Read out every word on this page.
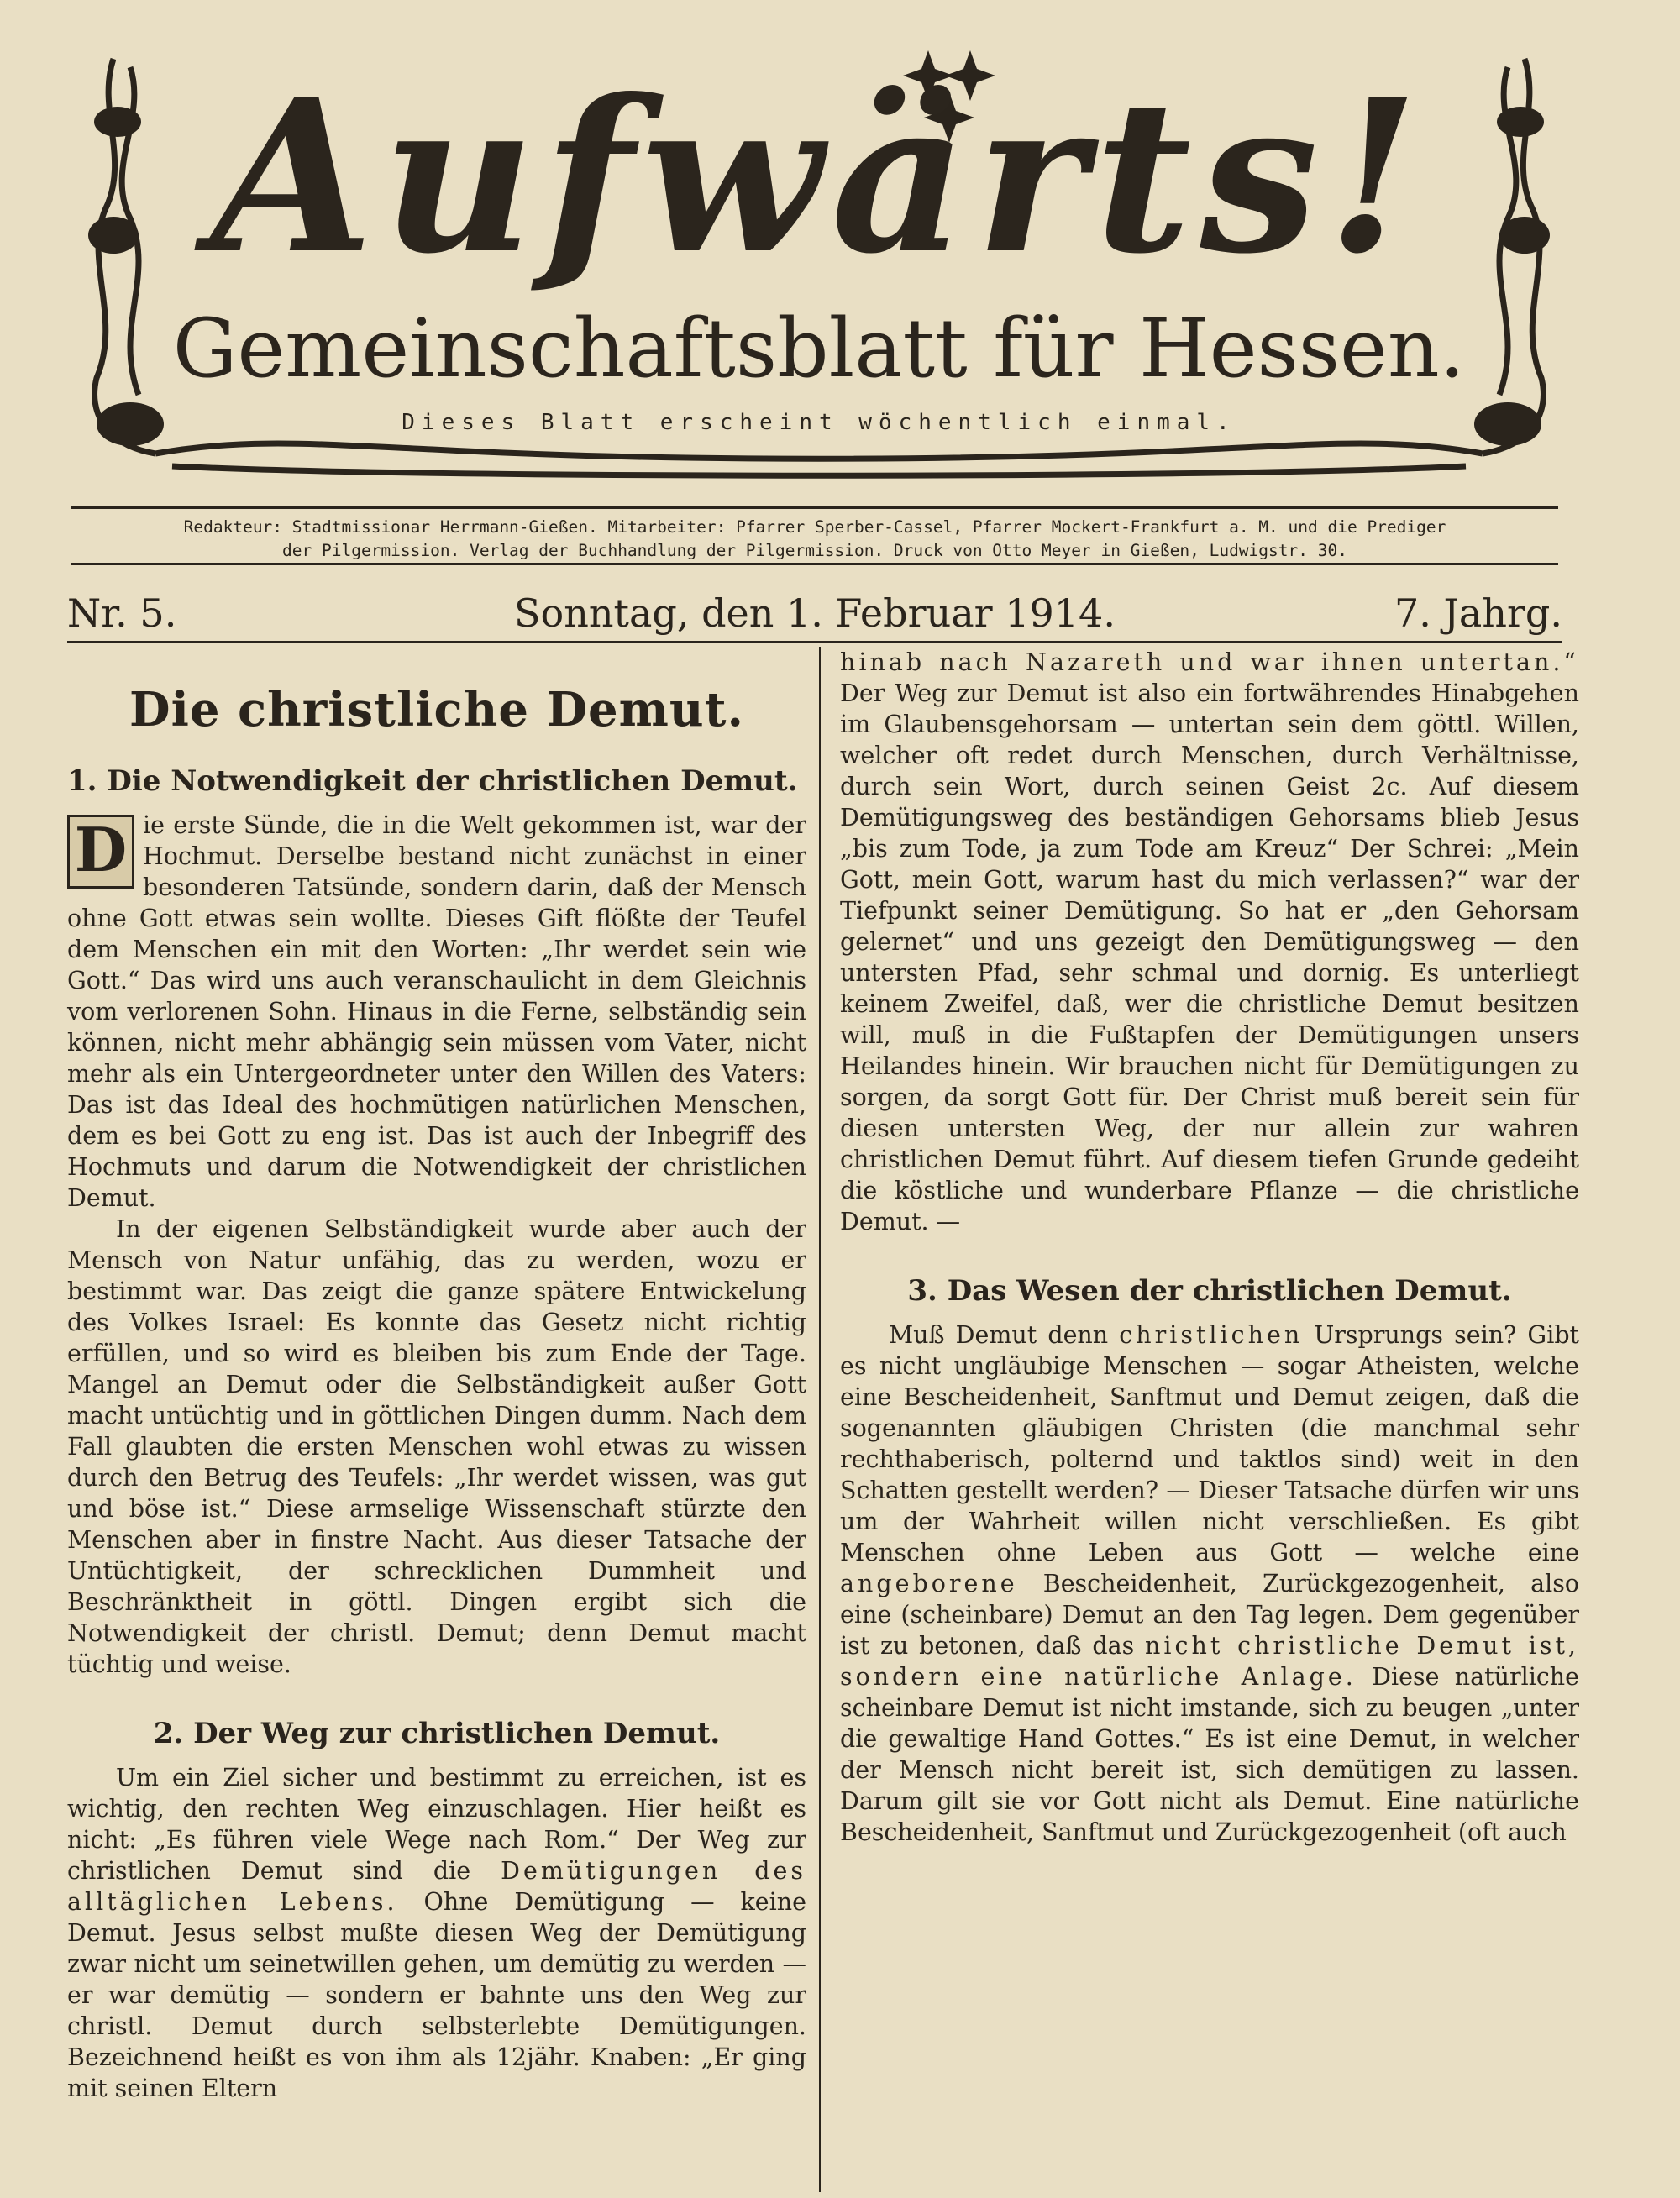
Aufwärts!
Gemeinschaftsblatt für Hessen.
Dieses Blatt erscheint wöchentlich einmal.
Redakteur: Stadtmissionar Herrmann-Gießen. Mitarbeiter: Pfarrer Sperber-Cassel, Pfarrer Mockert-Frankfurt a. M. und die Prediger
der Pilgermission. Verlag der Buchhandlung der Pilgermission. Druck von Otto Meyer in Gießen, Ludwigstr. 30.
Nr. 5.	Sonntag, den 1. Februar 1914.	7. Jahrg.
Die christliche Demut.
1. Die Notwendigkeit der christlichen Demut.

D ie erste Sünde, die in die Welt gekommen ist, war der Hochmut. Derselbe bestand nicht zunächst in einer besonderen Tatsünde, sondern darin, daß der Mensch ohne Gott etwas sein wollte. Dieses Gift flößte der Teufel dem Menschen ein mit den Worten: „Ihr werdet sein wie Gott.“ Das wird uns auch veranschaulicht in dem Gleichnis vom verlorenen Sohn. Hinaus in die Ferne, selbständig sein können, nicht mehr abhängig sein müssen vom Vater, nicht mehr als ein Untergeordneter unter den Willen des Vaters: Das ist das Ideal des hochmütigen natürlichen Menschen, dem es bei Gott zu eng ist. Das ist auch der Inbegriff des Hochmuts und darum die Notwendigkeit der christlichen Demut.

In der eigenen Selbständigkeit wurde aber auch der Mensch von Natur unfähig, das zu werden, wozu er bestimmt war. Das zeigt die ganze spätere Entwickelung des Volkes Israel: Es konnte das Gesetz nicht richtig erfüllen, und so wird es bleiben bis zum Ende der Tage. Mangel an Demut oder die Selbständigkeit außer Gott macht untüchtig und in göttlichen Dingen dumm. Nach dem Fall glaubten die ersten Menschen wohl etwas zu wissen durch den Betrug des Teufels: „Ihr werdet wissen, was gut und böse ist.“ Diese armselige Wissenschaft stürzte den Menschen aber in finstre Nacht. Aus dieser Tatsache der Untüchtigkeit, der schrecklichen Dummheit und Beschränktheit in göttl. Dingen ergibt sich die Notwendigkeit der christl. Demut; denn Demut macht tüchtig und weise.

2. Der Weg zur christlichen Demut.

Um ein Ziel sicher und bestimmt zu erreichen, ist es wichtig, den rechten Weg einzuschlagen. Hier heißt es nicht: „Es führen viele Wege nach Rom.“ Der Weg zur christlichen Demut sind die Demütigungen des alltäglichen Lebens. Ohne Demütigung — keine Demut. Jesus selbst mußte diesen Weg der Demütigung zwar nicht um seinetwillen gehen, um demütig zu werden — er war demütig — sondern er bahnte uns den Weg zur christl. Demut durch selbsterlebte Demütigungen. Bezeichnend heißt es von ihm als 12jähr. Knaben: „Er ging mit seinen Eltern

hinab nach Nazareth und war ihnen untertan.“ Der Weg zur Demut ist also ein fortwährendes Hinabgehen im Glaubensgehorsam — untertan sein dem göttl. Willen, welcher oft redet durch Menschen, durch Verhältnisse, durch sein Wort, durch seinen Geist 2c. Auf diesem Demütigungsweg des beständigen Gehorsams blieb Jesus „bis zum Tode, ja zum Tode am Kreuz“ Der Schrei: „Mein Gott, mein Gott, warum hast du mich verlassen?“ war der Tiefpunkt seiner Demütigung. So hat er „den Gehorsam gelernet“ und uns gezeigt den Demütigungsweg — den untersten Pfad, sehr schmal und dornig. Es unterliegt keinem Zweifel, daß, wer die christliche Demut besitzen will, muß in die Fußtapfen der Demütigungen unsers Heilandes hinein. Wir brauchen nicht für Demütigungen zu sorgen, da sorgt Gott für. Der Christ muß bereit sein für diesen untersten Weg, der nur allein zur wahren christlichen Demut führt. Auf diesem tiefen Grunde gedeiht die köstliche und wunderbare Pflanze — die christliche Demut. —

3. Das Wesen der christlichen Demut.

Muß Demut denn christlichen Ursprungs sein? Gibt es nicht ungläubige Menschen — sogar Atheisten, welche eine Bescheidenheit, Sanftmut und Demut zeigen, daß die sogenannten gläubigen Christen (die manchmal sehr rechthaberisch, polternd und taktlos sind) weit in den Schatten gestellt werden? — Dieser Tatsache dürfen wir uns um der Wahrheit willen nicht verschließen. Es gibt Menschen ohne Leben aus Gott — welche eine angeborene Bescheidenheit, Zurückgezogenheit, also eine (scheinbare) Demut an den Tag legen. Dem gegenüber ist zu betonen, daß das nicht christliche Demut ist, sondern eine natürliche Anlage. Diese natürliche scheinbare Demut ist nicht imstande, sich zu beugen „unter die gewaltige Hand Gottes.“ Es ist eine Demut, in welcher der Mensch nicht bereit ist, sich demütigen zu lassen. Darum gilt sie vor Gott nicht als Demut. Eine natürliche Bescheidenheit, Sanftmut und Zurückgezogenheit (oft auch
